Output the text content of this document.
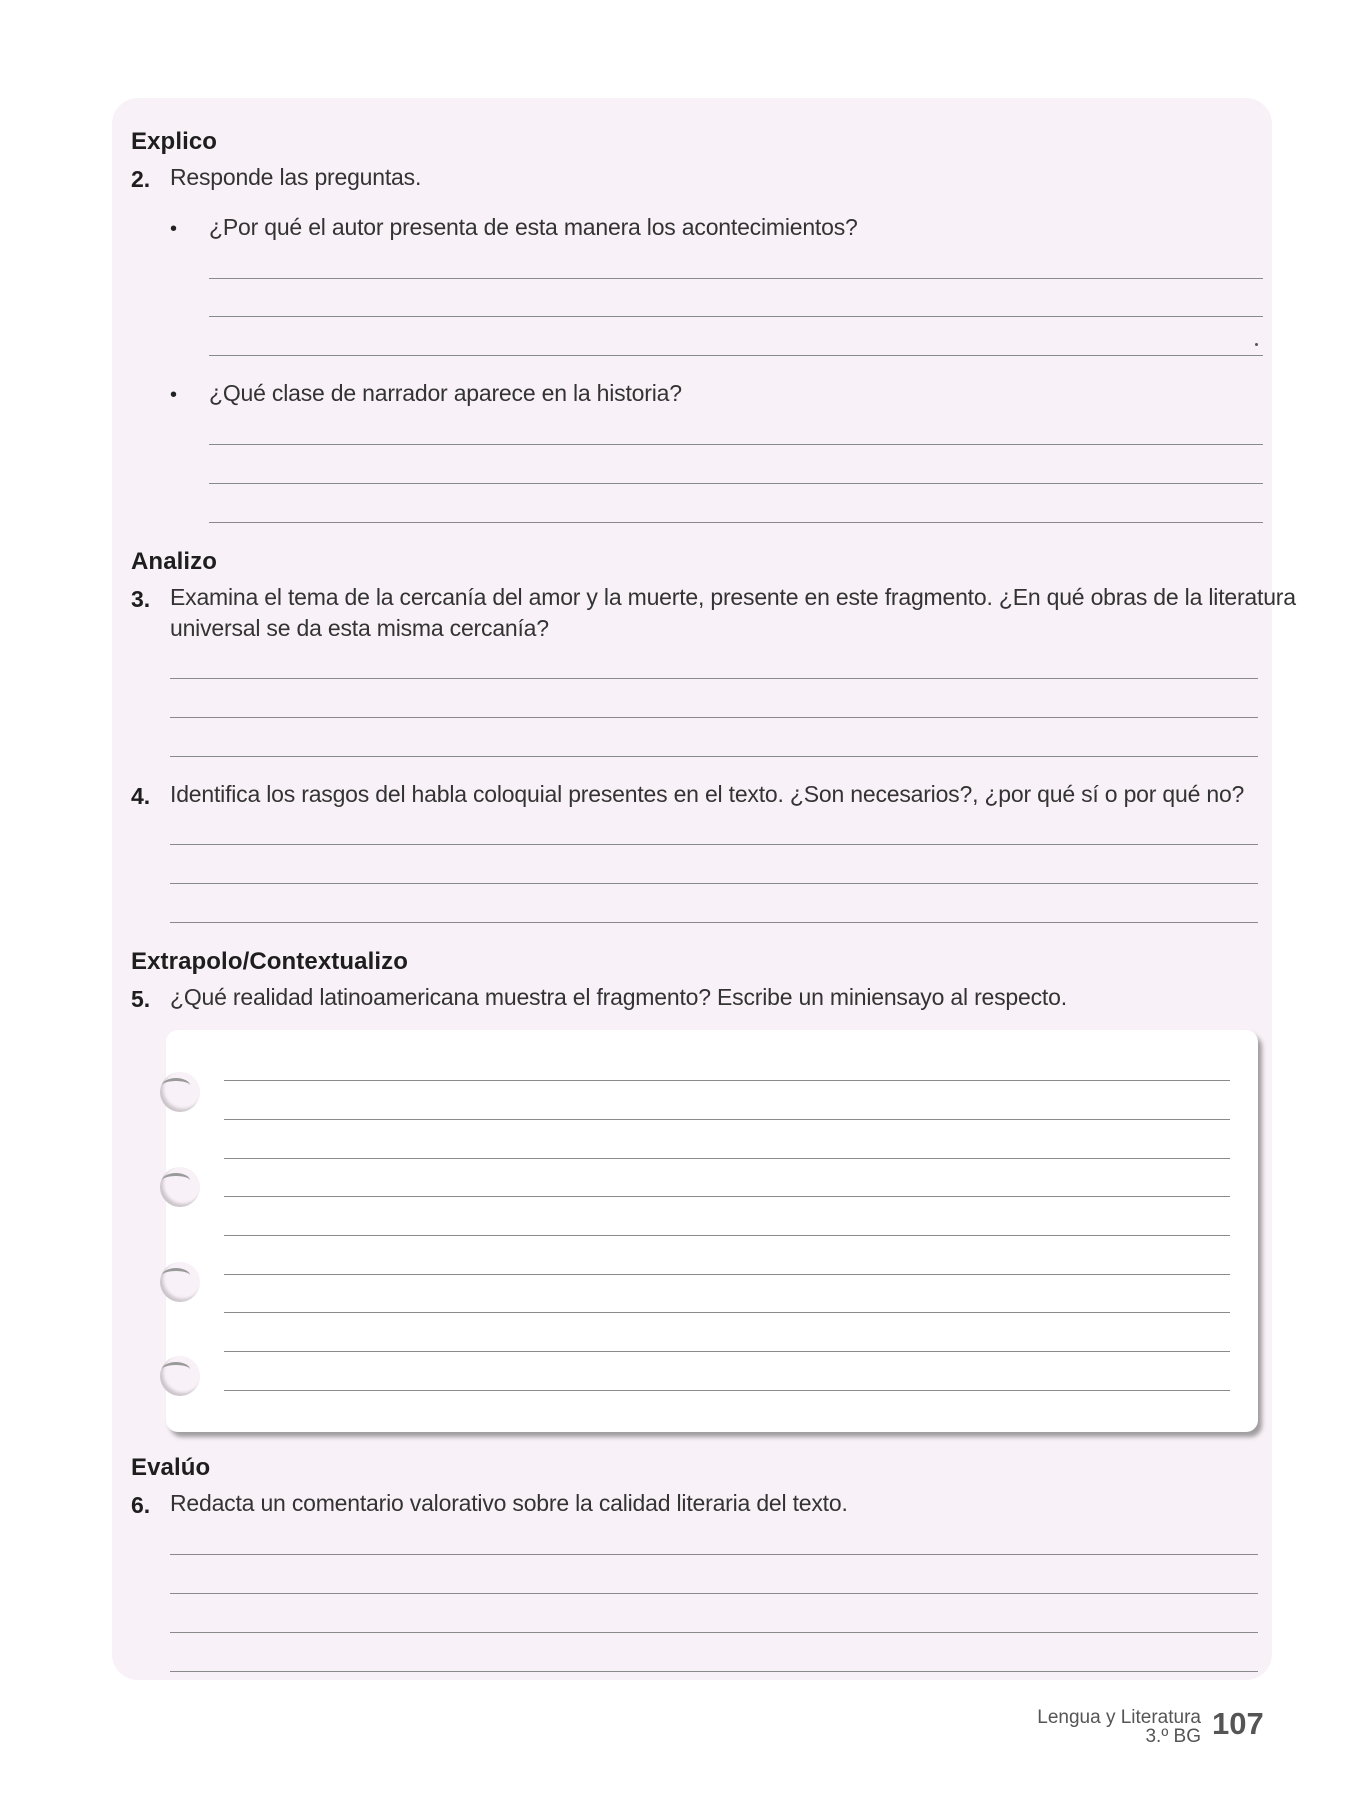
Explico
2. Responde las preguntas.
• ¿Por qué el autor presenta de esta manera los acontecimientos?
• ¿Qué clase de narrador aparece en la historia?
Analizo
3. Examina el tema de la cercanía del amor y la muerte, presente en este fragmento. ¿En qué obras de la literatura
universal se da esta misma cercanía?
4. Identifica los rasgos del habla coloquial presentes en el texto. ¿Son necesarios?, ¿por qué sí o por qué no?
Extrapolo/Contextualizo
5. ¿Qué realidad latinoamericana muestra el fragmento? Escribe un miniensayo al respecto.
Evalúo
6. Redacta un comentario valorativo sobre la calidad literaria del texto.
Lengua y Literatura
3.º BG 107
